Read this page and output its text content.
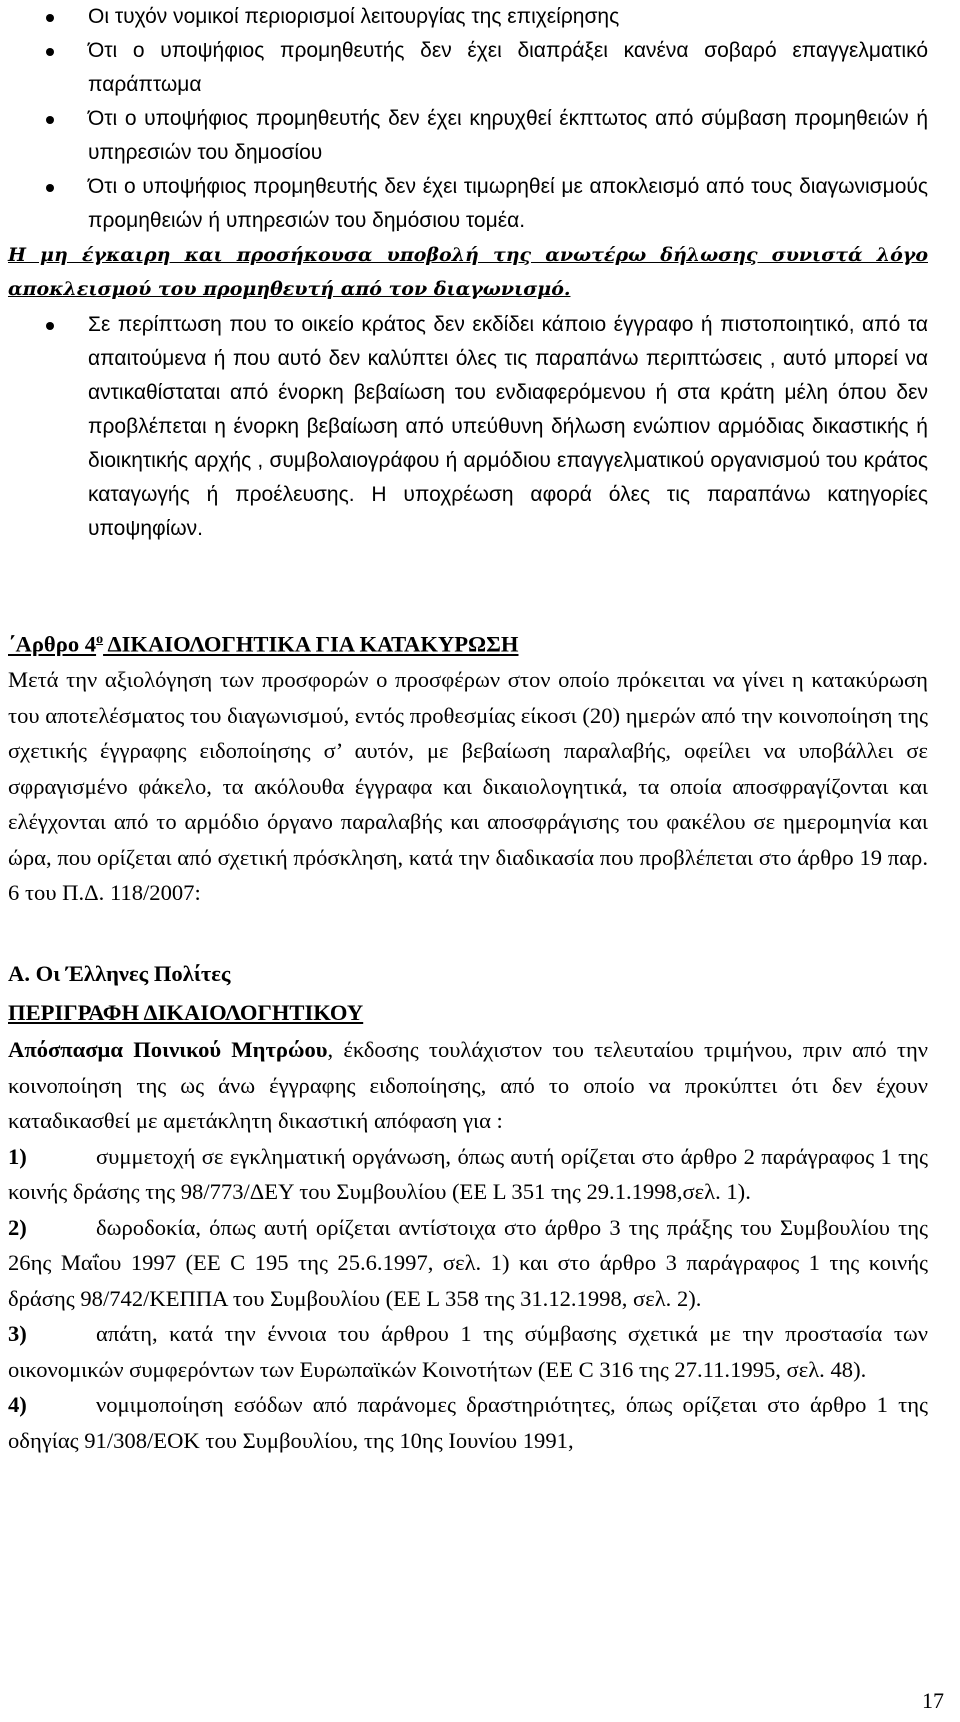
Οι τυχόν νομικοί περιορισμοί λειτουργίας της επιχείρησης
Ότι ο υποψήφιος προμηθευτής δεν έχει διαπράξει κανένα σοβαρό επαγγελματικό παράπτωμα
Ότι ο υποψήφιος προμηθευτής δεν έχει κηρυχθεί έκπτωτος από σύμβαση προμηθειών ή υπηρεσιών του δημοσίου
Ότι ο υποψήφιος προμηθευτής δεν έχει τιμωρηθεί με αποκλεισμό από τους διαγωνισμούς προμηθειών ή υπηρεσιών του δημόσιου τομέα.
Η μη έγκαιρη και προσήκουσα υποβολή της ανωτέρω δήλωσης συνιστά λόγο αποκλεισμού του προμηθευτή από τον διαγωνισμό.
Σε περίπτωση που το οικείο κράτος δεν εκδίδει κάποιο έγγραφο ή πιστοποιητικό, από τα απαιτούμενα ή που αυτό δεν καλύπτει όλες τις παραπάνω περιπτώσεις , αυτό μπορεί να αντικαθίσταται από ένορκη βεβαίωση του ενδιαφερόμενου ή στα κράτη μέλη όπου δεν προβλέπεται η ένορκη βεβαίωση από υπεύθυνη δήλωση ενώπιον αρμόδιας δικαστικής ή διοικητικής αρχής , συμβολαιογράφου ή αρμόδιου επαγγελματικού οργανισμού του κράτος καταγωγής ή προέλευσης. Η υποχρέωση αφορά όλες τις παραπάνω κατηγορίες υποψηφίων.
΄Αρθρο $4^o$ ΔΙΚΑΙΟΛΟΓΗΤΙΚΑ ΓΙΑ ΚΑΤΑΚΥΡΩΣΗ
Μετά την αξιολόγηση των προσφορών ο προσφέρων στον οποίο πρόκειται να γίνει η κατακύρωση του αποτελέσματος του διαγωνισμού, εντός προθεσμίας είκοσι (20) ημερών από την κοινοποίηση της σχετικής έγγραφης ειδοποίησης σ’ αυτόν, με βεβαίωση παραλαβής, οφείλει να υποβάλλει σε σφραγισμένο φάκελο, τα ακόλουθα έγγραφα και δικαιολογητικά, τα οποία αποσφραγίζονται και ελέγχονται από το αρμόδιο όργανο παραλαβής και αποσφράγισης του φακέλου σε ημερομηνία και ώρα, που ορίζεται από σχετική πρόσκληση, κατά την διαδικασία που προβλέπεται στο άρθρο 19 παρ. 6 του Π.Δ. 118/2007:
Α. Οι Έλληνες Πολίτες
ΠΕΡΙΓΡΑΦΗ ΔΙΚΑΙΟΛΟΓΗΤΙΚΟΥ
Απόσπασμα Ποινικού Μητρώου, έκδοσης τουλάχιστον του τελευταίου τριμήνου, πριν από την κοινοποίηση της ως άνω έγγραφης ειδοποίησης, από το οποίο να προκύπτει ότι δεν έχουν καταδικασθεί με αμετάκλητη δικαστική απόφαση για :
1)	συμμετοχή σε εγκληματική οργάνωση, όπως αυτή ορίζεται στο άρθρο 2 παράγραφος 1 της κοινής δράσης της 98/773/ΔΕΥ του Συμβουλίου (ΕΕ L 351 της 29.1.1998,σελ. 1).
2)	δωροδοκία, όπως αυτή ορίζεται αντίστοιχα στο άρθρο 3 της πράξης του Συμβουλίου της 26ης Μαΐου 1997 (ΕΕ C 195 της 25.6.1997, σελ. 1) και στο άρθρο 3 παράγραφος 1 της κοινής δράσης 98/742/ΚΕΠΠΑ του Συμβουλίου (ΕΕ L 358 της 31.12.1998, σελ. 2).
3)	απάτη, κατά την έννοια του άρθρου 1 της σύμβασης σχετικά με την προστασία των οικονομικών συμφερόντων των Ευρωπαϊκών Κοινοτήτων (ΕΕ C 316 της 27.11.1995, σελ. 48).
4)	νομιμοποίηση εσόδων από παράνομες δραστηριότητες, όπως ορίζεται στο άρθρο 1 της οδηγίας 91/308/ΕΟΚ του Συμβουλίου, της 10ης Ιουνίου 1991,
17
